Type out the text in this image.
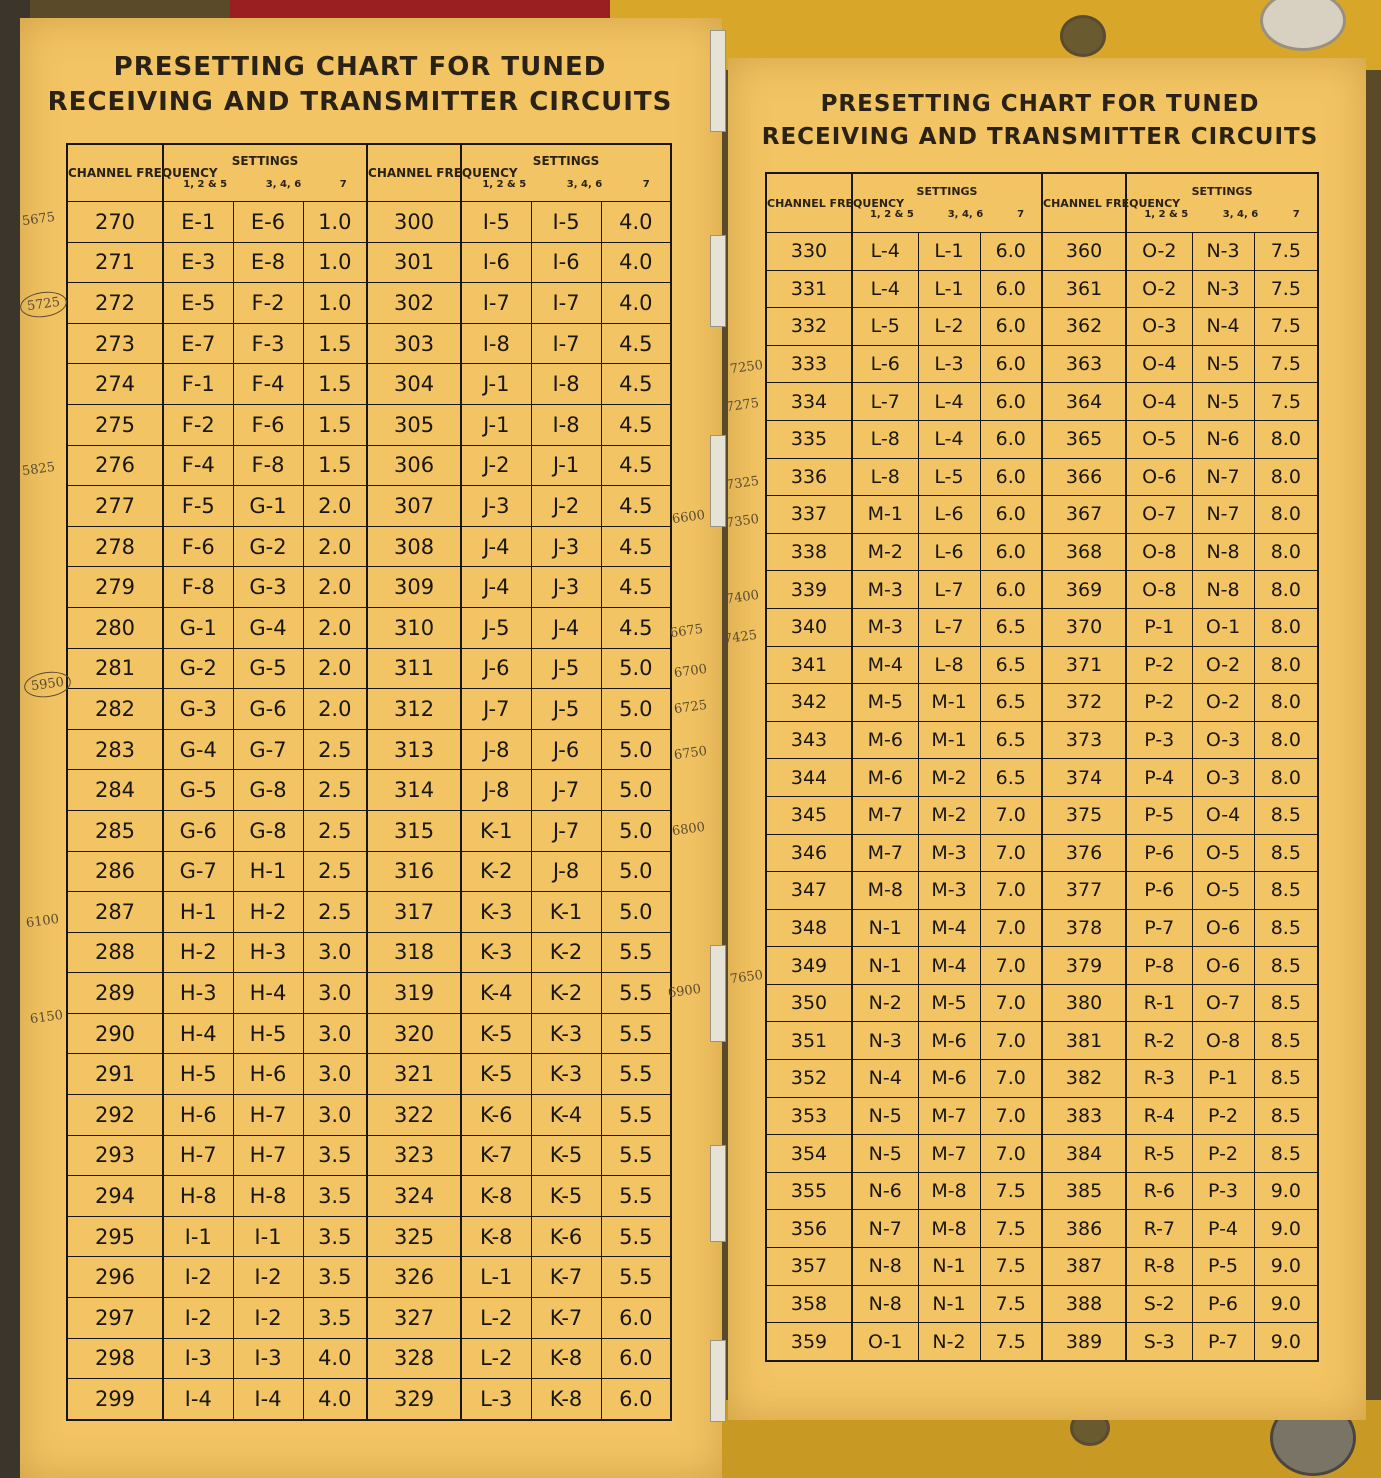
PRESETTING CHART FOR TUNED
RECEIVING AND TRANSMITTER CIRCUITS
CHANNEL FREQUENCY	SETTINGS
1, 2 & 5 3, 4, 6 7			CHANNEL FREQUENCY	SETTINGS
1, 2 & 5 3, 4, 6 7		

270	E-1	E-6	1.0	300	I-5	I-5	4.0
271	E-3	E-8	1.0	301	I-6	I-6	4.0
272	E-5	F-2	1.0	302	I-7	I-7	4.0
273	E-7	F-3	1.5	303	I-8	I-7	4.5
274	F-1	F-4	1.5	304	J-1	I-8	4.5
275	F-2	F-6	1.5	305	J-1	I-8	4.5
276	F-4	F-8	1.5	306	J-2	J-1	4.5
277	F-5	G-1	2.0	307	J-3	J-2	4.5
278	F-6	G-2	2.0	308	J-4	J-3	4.5
279	F-8	G-3	2.0	309	J-4	J-3	4.5
280	G-1	G-4	2.0	310	J-5	J-4	4.5
281	G-2	G-5	2.0	311	J-6	J-5	5.0
282	G-3	G-6	2.0	312	J-7	J-5	5.0
283	G-4	G-7	2.5	313	J-8	J-6	5.0
284	G-5	G-8	2.5	314	J-8	J-7	5.0
285	G-6	G-8	2.5	315	K-1	J-7	5.0
286	G-7	H-1	2.5	316	K-2	J-8	5.0
287	H-1	H-2	2.5	317	K-3	K-1	5.0
288	H-2	H-3	3.0	318	K-3	K-2	5.5
289	H-3	H-4	3.0	319	K-4	K-2	5.5
290	H-4	H-5	3.0	320	K-5	K-3	5.5
291	H-5	H-6	3.0	321	K-5	K-3	5.5
292	H-6	H-7	3.0	322	K-6	K-4	5.5
293	H-7	H-7	3.5	323	K-7	K-5	5.5
294	H-8	H-8	3.5	324	K-8	K-5	5.5
295	I-1	I-1	3.5	325	K-8	K-6	5.5
296	I-2	I-2	3.5	326	L-1	K-7	5.5
297	I-2	I-2	3.5	327	L-2	K-7	6.0
298	I-3	I-3	4.0	328	L-2	K-8	6.0
299	I-4	I-4	4.0	329	L-3	K-8	6.0
PRESETTING CHART FOR TUNED
RECEIVING AND TRANSMITTER CIRCUITS
CHANNEL FREQUENCY	SETTINGS
1, 2 & 5 3, 4, 6 7			CHANNEL FREQUENCY	SETTINGS
1, 2 & 5 3, 4, 6 7		

330	L-4	L-1	6.0	360	O-2	N-3	7.5
331	L-4	L-1	6.0	361	O-2	N-3	7.5
332	L-5	L-2	6.0	362	O-3	N-4	7.5
333	L-6	L-3	6.0	363	O-4	N-5	7.5
334	L-7	L-4	6.0	364	O-4	N-5	7.5
335	L-8	L-4	6.0	365	O-5	N-6	8.0
336	L-8	L-5	6.0	366	O-6	N-7	8.0
337	M-1	L-6	6.0	367	O-7	N-7	8.0
338	M-2	L-6	6.0	368	O-8	N-8	8.0
339	M-3	L-7	6.0	369	O-8	N-8	8.0
340	M-3	L-7	6.5	370	P-1	O-1	8.0
341	M-4	L-8	6.5	371	P-2	O-2	8.0
342	M-5	M-1	6.5	372	P-2	O-2	8.0
343	M-6	M-1	6.5	373	P-3	O-3	8.0
344	M-6	M-2	6.5	374	P-4	O-3	8.0
345	M-7	M-2	7.0	375	P-5	O-4	8.5
346	M-7	M-3	7.0	376	P-6	O-5	8.5
347	M-8	M-3	7.0	377	P-6	O-5	8.5
348	N-1	M-4	7.0	378	P-7	O-6	8.5
349	N-1	M-4	7.0	379	P-8	O-6	8.5
350	N-2	M-5	7.0	380	R-1	O-7	8.5
351	N-3	M-6	7.0	381	R-2	O-8	8.5
352	N-4	M-6	7.0	382	R-3	P-1	8.5
353	N-5	M-7	7.0	383	R-4	P-2	8.5
354	N-5	M-7	7.0	384	R-5	P-2	8.5
355	N-6	M-8	7.5	385	R-6	P-3	9.0
356	N-7	M-8	7.5	386	R-7	P-4	9.0
357	N-8	N-1	7.5	387	R-8	P-5	9.0
358	N-8	N-1	7.5	388	S-2	P-6	9.0
359	O-1	N-2	7.5	389	S-3	P-7	9.0
5675
5725
5825
5950
6100
6150
7250
7275
7325
7350
6600
7400
6675 7425
6700
6725
6750
6800
6900
7650
